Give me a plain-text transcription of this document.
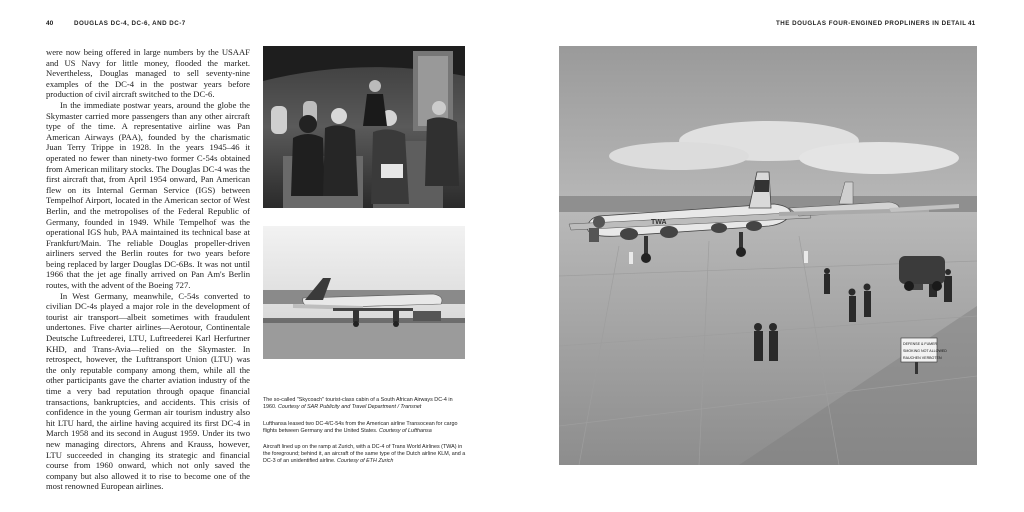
40	DOUGLAS DC-4, DC-6, AND DC-7

were now being offered in large numbers by the USAAF and US Navy for little money, flooded the market. Nevertheless, Douglas managed to sell seventy-nine examples of the DC-4 in the postwar years before production of civil aircraft switched to the DC-6.

In the immediate postwar years, around the globe the Skymaster carried more passengers than any other aircraft type of the time. A representative airline was Pan American Airways (PAA), founded by the charismatic Juan Terry Trippe in 1928. In the years 1945–46 it operated no fewer than ninety-two former C-54s obtained from American military stocks. The Douglas DC-4 was the first aircraft that, from April 1954 onward, Pan American flew on its Internal German Service (IGS) between Tempelhof Airport, located in the American sector of West Berlin, and the metropolises of the Federal Republic of Germany, founded in 1949. While Tempelhof was the operational IGS hub, PAA maintained its technical base at Frankfurt/Main. The reliable Douglas propeller-driven airliners served the Berlin routes for two years before being replaced by larger Douglas DC-6Bs. It was not until 1966 that the jet age finally arrived on Pan Am's Berlin routes, with the advent of the Boeing 727.

In West Germany, meanwhile, C-54s converted to civilian DC-4s played a major role in the development of tourist air transport—albeit sometimes with fraudulent undertones. Five charter airlines—Aerotour, Continentale Deutsche Luftreederei, LTU, Luftreederei Karl Herfurtner KHD, and Trans-Avia—relied on the Skymaster. In retrospect, however, the Lufttransport Union (LTU) was the only reputable company among them, while all the other participants gave the charter aviation industry of the time a very bad reputation through opaque financial transactions, bankruptcies, and accidents. This crisis of confidence in the young German air tourism industry also hit LTU hard, the airline having acquired its first DC-4 in March 1958 and its second in August 1959. Under its two new managing directors, Ahrens and Krauss, however, LTU succeeded in changing its strategic and financial course from 1960 onward, which not only saved the company but also allowed it to rise to become one of the most renowned European airlines.

The so-called "Skycoach" tourist-class cabin of a South African Airways DC-4 in 1960. Courtesy of SAR Publicity and Travel Department / Transnet
Lufthansa leased two DC-4/C-54s from the American airline Transocean for cargo flights between Germany and the United States. Courtesy of Lufthansa
Aircraft lined up on the ramp at Zurich, with a DC-4 of Trans World Airlines (TWA) in the foreground; behind it, an aircraft of the same type of the Dutch airline KLM, and a DC-3 of an unidentified airline. Courtesy of ETH Zurich
THE DOUGLAS FOUR-ENGINED PROPLINERS IN DETAIL 41
TWA
DEFENSE & FUMER
SMOKING NOT ALLOWED
RAUCHEN VERBOTEN
